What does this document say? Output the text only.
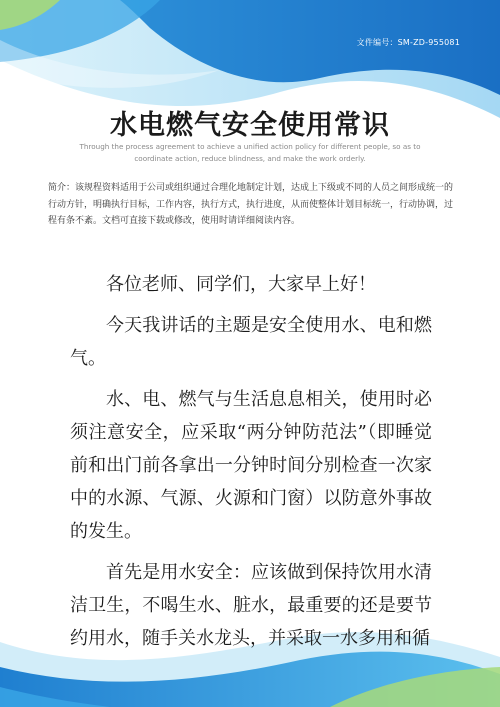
文件编号：SM-ZD-955081
水电燃气安全使用常识
Through the process agreement to achieve a unified action policy for different people, so as to coordinate action, reduce blindness, and make the work orderly.
简介：该规程资料适用于公司或组织通过合理化地制定计划，达成上下级或不同的人员之间形成统一的行动方针，明确执行目标，工作内容，执行方式，执行进度，从而使整体计划目标统一，行动协调，过程有条不紊。文档可直接下载或修改，使用时请详细阅读内容。

各位老师、同学们，大家早上好！

今天我讲话的主题是安全使用水、电和燃气。

水、电、燃气与生活息息相关，使用时必须注意安全，应采取“两分钟防范法”（即睡觉前和出门前各拿出一分钟时间分别检查一次家中的水源、气源、火源和门窗）以防意外事故的发生。

首先是用水安全：应该做到保持饮用水清洁卫生，不喝生水、脏水，最重要的还是要节约用水，随手关水龙头，并采取一水多用和循
